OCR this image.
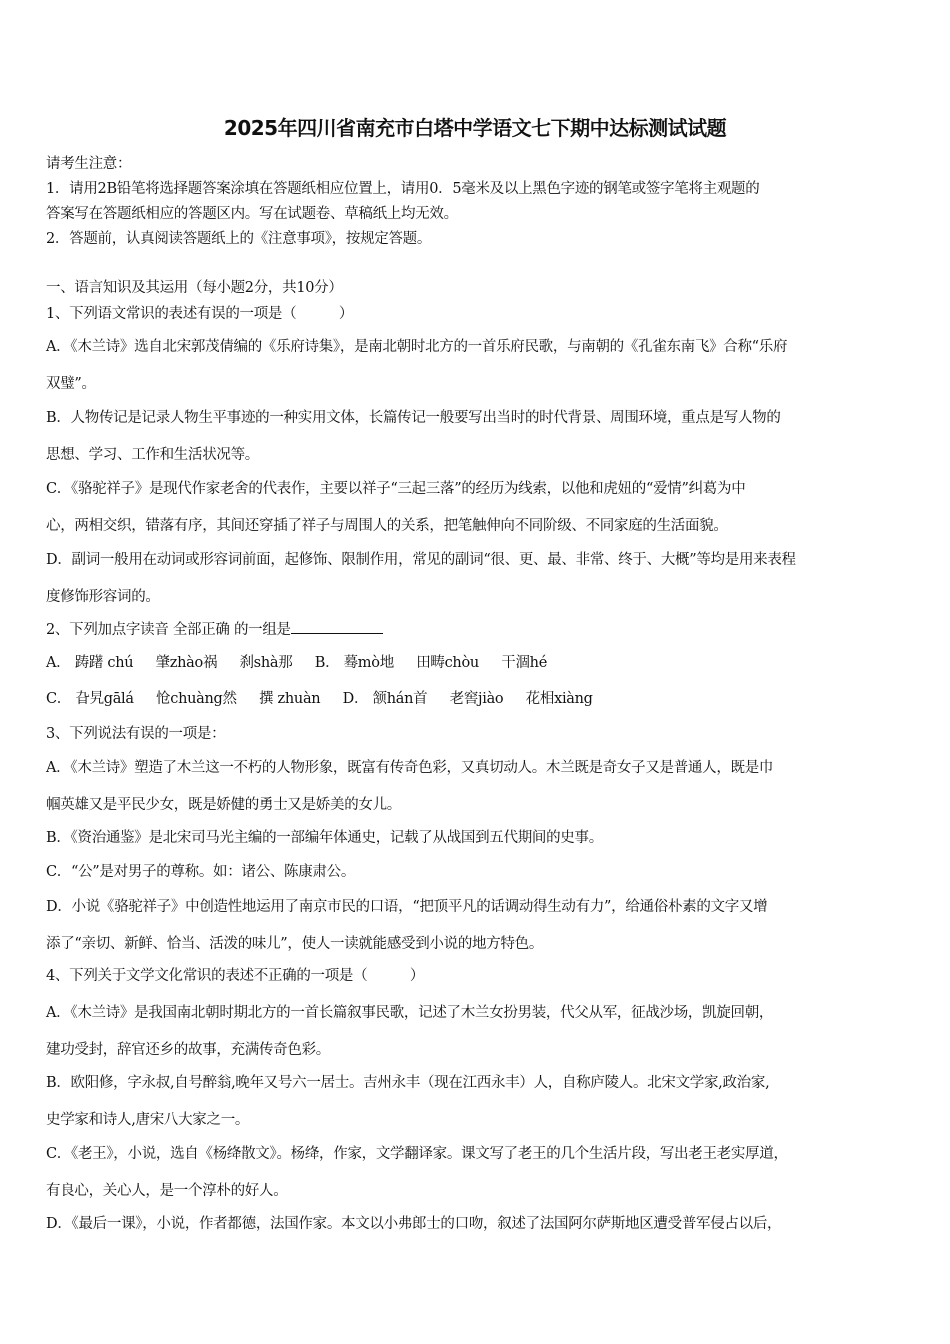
2025年四川省南充市白塔中学语文七下期中达标测试试题
请考生注意：
1．请用2B铅笔将选择题答案涂填在答题纸相应位置上，请用0．5毫米及以上黑色字迹的钢笔或签字笔将主观题的
答案写在答题纸相应的答题区内。写在试题卷、草稿纸上均无效。
2．答题前，认真阅读答题纸上的《注意事项》，按规定答题。
一、语言知识及其运用（每小题2分，共10分）
1、下列语文常识的表述有误的一项是（　　　）
A．《木兰诗》选自北宋郭茂倩编的《乐府诗集》，是南北朝时北方的一首乐府民歌，与南朝的《孔雀东南飞》合称“乐府
双璧”。
B．人物传记是记录人物生平事迹的一种实用文体，长篇传记一般要写出当时的时代背景、周围环境，重点是写人物的
思想、学习、工作和生活状况等。
C．《骆驼祥子》是现代作家老舍的代表作，主要以祥子“三起三落”的经历为线索，以他和虎妞的“爱情”纠葛为中
心，两相交织，错落有序，其间还穿插了祥子与周围人的关系，把笔触伸向不同阶级、不同家庭的生活面貌。
D．副词一般用在动词或形容词前面，起修饰、限制作用，常见的副词“很、更、最、非常、终于、大概”等均是用来表程
度修饰形容词的。
2、下列加点字读音 全部正确 的一组是
A． 踌躇 chú 肇zhào祸 刹shà那 B． 蓦mò地 田畴chòu 干涸hé
C． 旮旯gālá 怆chuàng然 撰 zhuàn D． 颔hán首 老窖jiào 花相xiàng
3、下列说法有误的一项是：
A．《木兰诗》塑造了木兰这一不朽的人物形象，既富有传奇色彩，又真切动人。木兰既是奇女子又是普通人，既是巾
帼英雄又是平民少女，既是娇健的勇士又是娇美的女儿。
B．《资治通鉴》是北宋司马光主编的一部编年体通史，记载了从战国到五代期间的史事。
C．“公”是对男子的尊称。如：诸公、陈康肃公。
D．小说《骆驼祥子》中创造性地运用了南京市民的口语，“把顶平凡的话调动得生动有力”，给通俗朴素的文字又增
添了“亲切、新鲜、恰当、活泼的味儿”，使人一读就能感受到小说的地方特色。
4、下列关于文学文化常识的表述不正确的一项是（　　　）
A．《木兰诗》是我国南北朝时期北方的一首长篇叙事民歌，记述了木兰女扮男装，代父从军，征战沙场，凯旋回朝，
建功受封，辞官还乡的故事，充满传奇色彩。
B．欧阳修，字永叔,自号醉翁,晚年又号六一居士。吉州永丰（现在江西永丰）人，自称庐陵人。北宋文学家,政治家,
史学家和诗人,唐宋八大家之一。
C．《老王》，小说，选自《杨绛散文》。杨绛，作家，文学翻译家。课文写了老王的几个生活片段，写出老王老实厚道，
有良心，关心人，是一个淳朴的好人。
D．《最后一课》，小说，作者都德，法国作家。本文以小弗郎士的口吻，叙述了法国阿尔萨斯地区遭受普军侵占以后，
